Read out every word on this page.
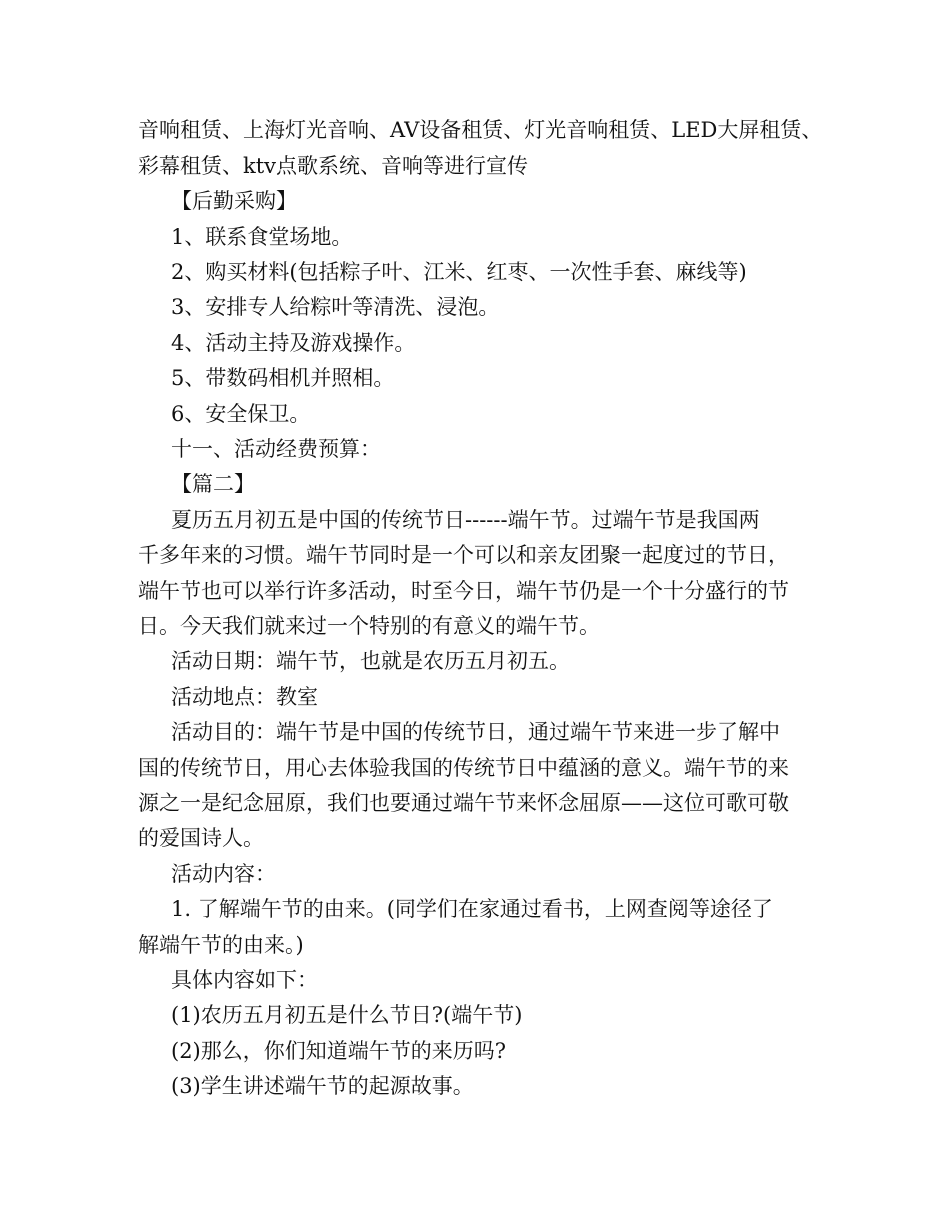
音响租赁、上海灯光音响、AV设备租赁、灯光音响租赁、LED大屏租赁、
彩幕租赁、ktv点歌系统、音响等进行宣传
【后勤采购】
1、联系食堂场地。
2、购买材料(包括粽子叶、江米、红枣、一次性手套、麻线等)
3、安排专人给粽叶等清洗、浸泡。
4、活动主持及游戏操作。
5、带数码相机并照相。
6、安全保卫。
十一、活动经费预算：
【篇二】
夏历五月初五是中国的传统节日------端午节。过端午节是我国两
千多年来的习惯。端午节同时是一个可以和亲友团聚一起度过的节日，
端午节也可以举行许多活动，时至今日，端午节仍是一个十分盛行的节
日。今天我们就来过一个特别的有意义的端午节。
活动日期：端午节，也就是农历五月初五。
活动地点：教室
活动目的：端午节是中国的传统节日，通过端午节来进一步了解中
国的传统节日，用心去体验我国的传统节日中蕴涵的意义。端午节的来
源之一是纪念屈原，我们也要通过端午节来怀念屈原——这位可歌可敬
的爱国诗人。
活动内容：
1. 了解端午节的由来。(同学们在家通过看书，上网查阅等途径了
解端午节的由来。)
具体内容如下：
(1)农历五月初五是什么节日?(端午节)
(2)那么，你们知道端午节的来历吗?
(3)学生讲述端午节的起源故事。
